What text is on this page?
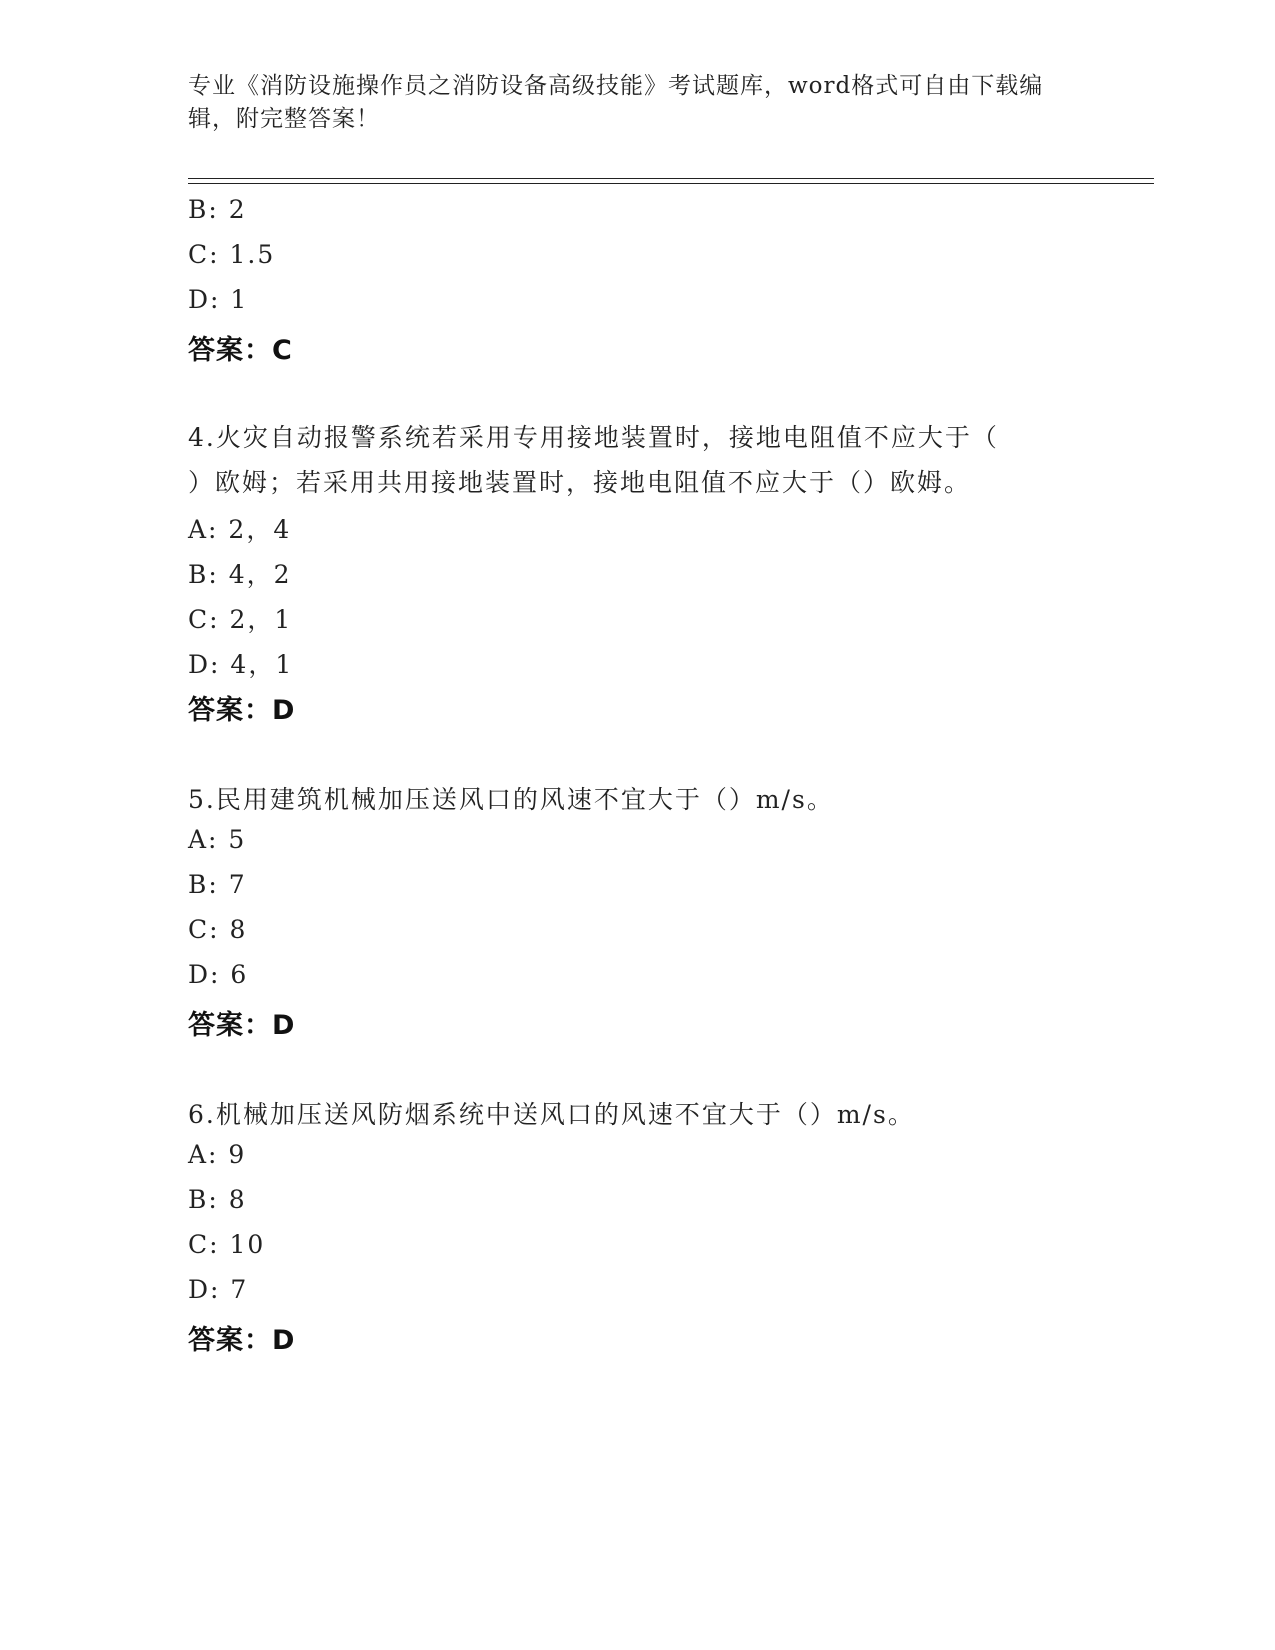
专业《消防设施操作员之消防设备高级技能》考试题库，word格式可自由下载编
辑，附完整答案！
B: 2
C: 1.5
D: 1
答案：C
4.火灾自动报警系统若采用专用接地装置时，接地电阻值不应大于（
）欧姆；若采用共用接地装置时，接地电阻值不应大于（）欧姆。
A: 2，4
B: 4，2
C: 2，1
D: 4，1
答案：D
5.民用建筑机械加压送风口的风速不宜大于（）m/s。
A: 5
B: 7
C: 8
D: 6
答案：D
6.机械加压送风防烟系统中送风口的风速不宜大于（）m/s。
A: 9
B: 8
C: 10
D: 7
答案：D
